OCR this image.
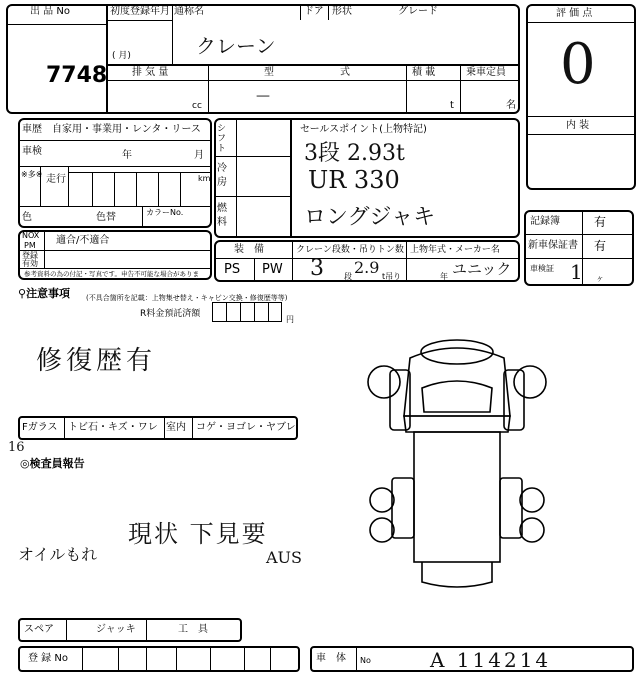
出 品 No
7748
初度登録年月
( 月)
通称名
クレーン
ドア 形状	グレード
排 気 量
cc
型	式
—
積 載
t
乗車定員
名
評 価 点
0
内 装
車歴 自家用・事業用・レンタ・リース
車検	年	月
※多※ 走行	km
色	色替	カラーNo.
NOX
PM 適合/不適合
登録
有効
参考資料の為の付記・写真です。申告不可能な場合がありま
シフト
冷房
燃料
セールスポイント(上物特記)
3段 2.93t
UR 330
ロングジャキ
装　備	クレーン段数・吊りトン数 上物年式・メーカー名
PS PW 3	段 2.9 t吊り	年 ユニック
記録簿	有
新車保証書 有
車検証 1 ヶ
⚲注意事項 (不具合箇所を記載：上物集せ替え・キャビン交換・修復歴等等)
R料金預託済額
円
修復歴有
Fガラス トビ石・キズ・ワレ 室内 コゲ・ヨゴレ・ヤブレ
16
◎検査員報告
現状 下見要
オイルもれ	AUS
スペア	ジャッキ	工　具
登 録 No	車　体 No	A 114214
